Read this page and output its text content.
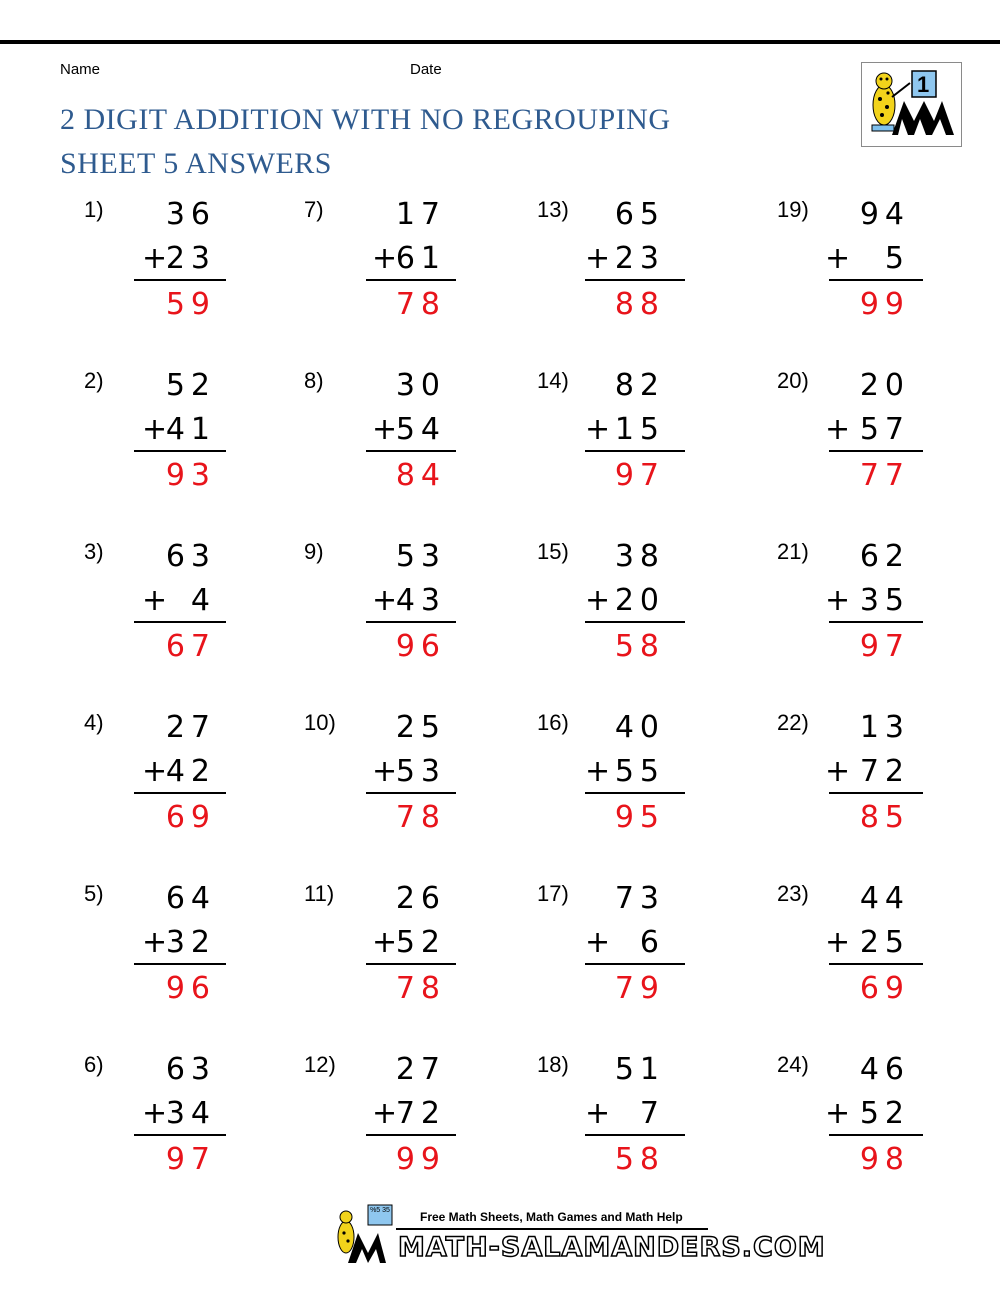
Name	Date
2 DIGIT ADDITION WITH NO REGROUPING
SHEET 5 ANSWERS
1
1) 36
23
+
59
2) 52
41
+
93
3) 63
4
+
67
4) 27
42
+
69
5) 64
32
+
96
6) 63
34
+
97
7) 17
61
+
78
8) 30
54
+
84
9) 53
43
+
96
10) 25
53
+
78
11) 26
52
+
78
12) 27
72
+
99
13) 65
23
+
88
14) 82
15
+
97
15) 38
20
+
58
16) 40
55
+
95
17) 73
6
+
79
18) 51
7
+
58
19) 94
5
+
99
20) 20
57
+
77
21) 62
35
+
97
22) 13
72
+
85
23) 44
25
+
69
24) 46
52
+
98
%5 35	Free Math Sheets, Math Games and Math Help
MATH-SALAMANDERS.COM
